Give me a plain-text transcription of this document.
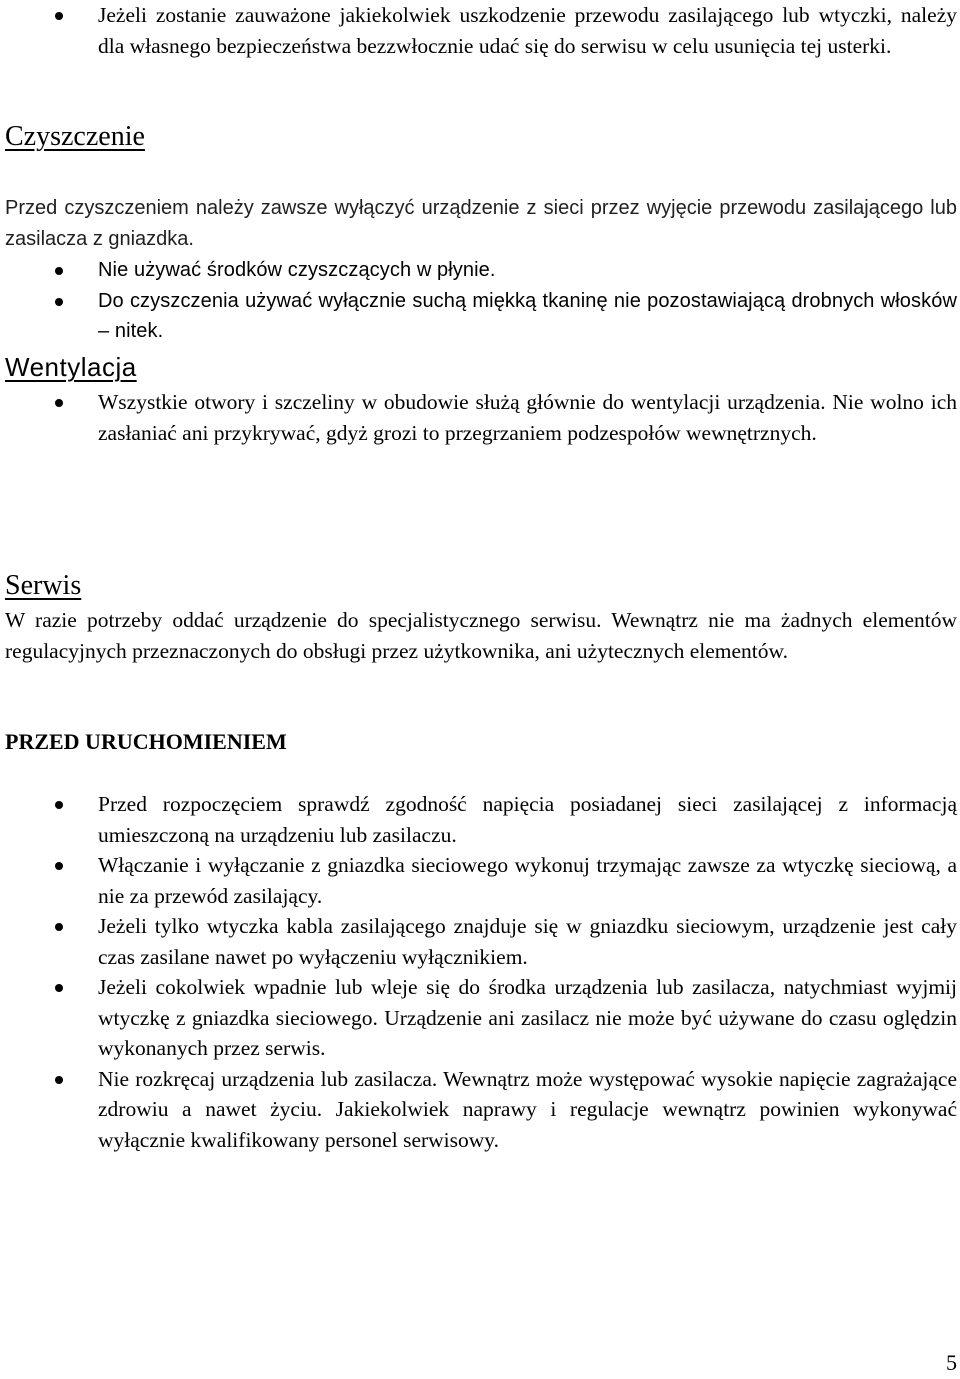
Jeżeli zostanie zauważone jakiekolwiek uszkodzenie przewodu zasilającego lub wtyczki, należy dla własnego bezpieczeństwa bezzwłocznie udać się do serwisu w celu usunięcia tej usterki.

Czyszczenie

Przed czyszczeniem należy zawsze wyłączyć urządzenie z sieci przez wyjęcie przewodu zasilającego lub zasilacza z gniazdka.

Nie używać środków czyszczących w płynie.

Do czyszczenia używać wyłącznie suchą miękką tkaninę nie pozostawiającą drobnych włosków – nitek.

Wentylacja

Wszystkie otwory i szczeliny w obudowie służą głównie do wentylacji urządzenia. Nie wolno ich zasłaniać ani przykrywać, gdyż grozi to przegrzaniem podzespołów wewnętrznych.

Serwis

W razie potrzeby oddać urządzenie do specjalistycznego serwisu. Wewnątrz nie ma żadnych elementów regulacyjnych przeznaczonych do obsługi przez użytkownika, ani użytecznych elementów.

PRZED URUCHOMIENIEM

Przed rozpoczęciem sprawdź zgodność napięcia posiadanej sieci zasilającej z informacją umieszczoną na urządzeniu lub zasilaczu.

Włączanie i wyłączanie z gniazdka sieciowego wykonuj trzymając zawsze za wtyczkę sieciową, a nie za przewód zasilający.

Jeżeli tylko wtyczka kabla zasilającego znajduje się w gniazdku sieciowym, urządzenie jest cały czas zasilane nawet po wyłączeniu wyłącznikiem.

Jeżeli cokolwiek wpadnie lub wleje się do środka urządzenia lub zasilacza, natychmiast wyjmij wtyczkę z gniazdka sieciowego. Urządzenie ani zasilacz nie może być używane do czasu oględzin wykonanych przez serwis.

Nie rozkręcaj urządzenia lub zasilacza. Wewnątrz może występować wysokie napięcie zagrażające zdrowiu a nawet życiu. Jakiekolwiek naprawy i regulacje wewnątrz powinien wykonywać wyłącznie kwalifikowany personel serwisowy.

5
